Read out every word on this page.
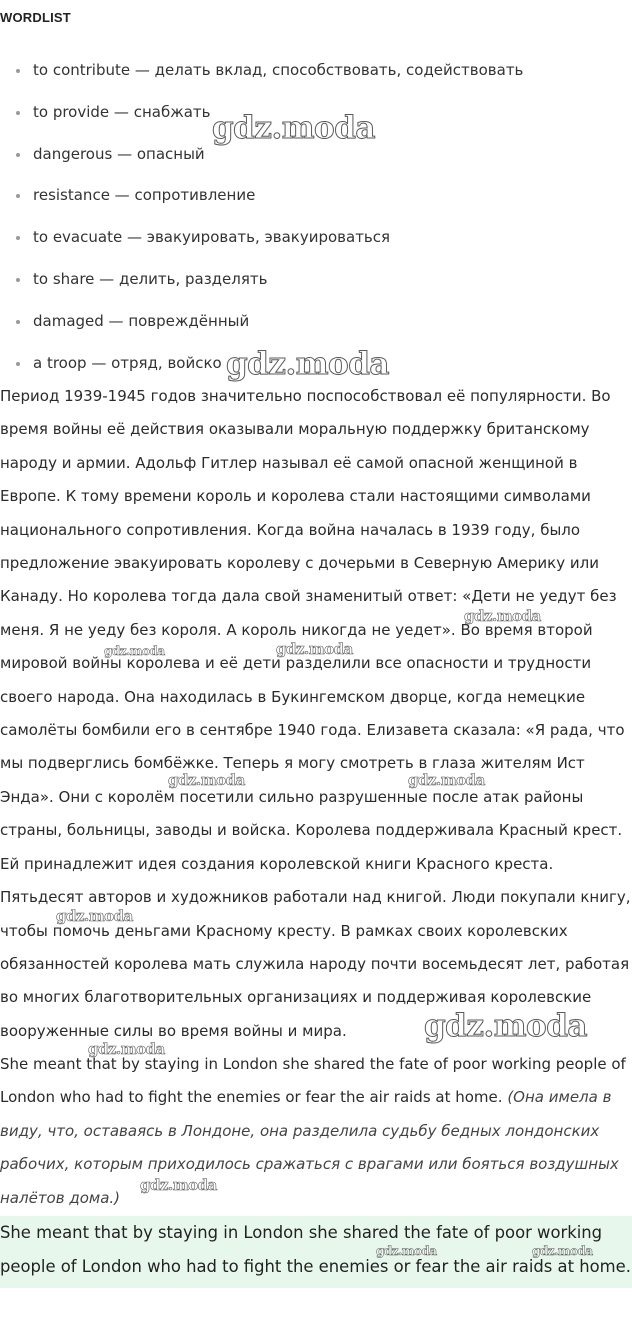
WORDLIST
to contribute — делать вклад, способствовать, содействовать
to provide — снабжать
dangerous — опасный
resistance — сопротивление
to evacuate — эвакуировать, эвакуироваться
to share — делить, разделять
damaged — повреждённый
a troop — отряд, войско

Период 1939-1945 годов значительно поспособствовал её популярности. Во время войны её действия оказывали моральную поддержку британскому народу и армии. Адольф Гитлер называл её самой опасной женщиной в Европе. К тому времени король и королева стали настоящими символами национального сопротивления. Когда война началась в 1939 году, было предложение эвакуировать королеву с дочерьми в Северную Америку или Канаду. Но королева тогда дала свой знаменитый ответ: «Дети не уедут без меня. Я не уеду без короля. А король никогда не уедет». Во время второй мировой войны королева и её дети разделили все опасности и трудности своего народа. Она находилась в Букингемском дворце, когда немецкие самолёты бомбили его в сентябре 1940 года. Елизавета сказала: «Я рада, что мы подверглись бомбёжке. Теперь я могу смотреть в глаза жителям Ист Энда». Они с королём посетили сильно разрушенные после атак районы страны, больницы, заводы и войска. Королева поддерживала Красный крест. Ей принадлежит идея создания королевской книги Красного креста. Пятьдесят авторов и художников работали над книгой. Люди покупали книгу, чтобы помочь деньгами Красному кресту. В рамках своих королевских обязанностей королева мать служила народу почти восемьдесят лет, работая во многих благотворительных организациях и поддерживая королевские вооруженные силы во время войны и мира.

She meant that by staying in London she shared the fate of poor working people of London who had to fight the enemies or fear the air raids at home. (Она имела в виду, что, оставаясь в Лондоне, она разделила судьбу бедных лондонских рабочих, которым приходилось сражаться с врагами или бояться воздушных налётов дома.)

She meant that by staying in London she shared the fate of poor working

people of London who had to fight the enemies or fear the air raids at home.

gdz.moda
gdz.moda
gdz.moda
gdz.moda	gdz.moda
gdz.moda	gdz.moda
gdz.moda
gdz.moda
gdz.moda
gdz.moda
gdz.moda	gdz.moda
